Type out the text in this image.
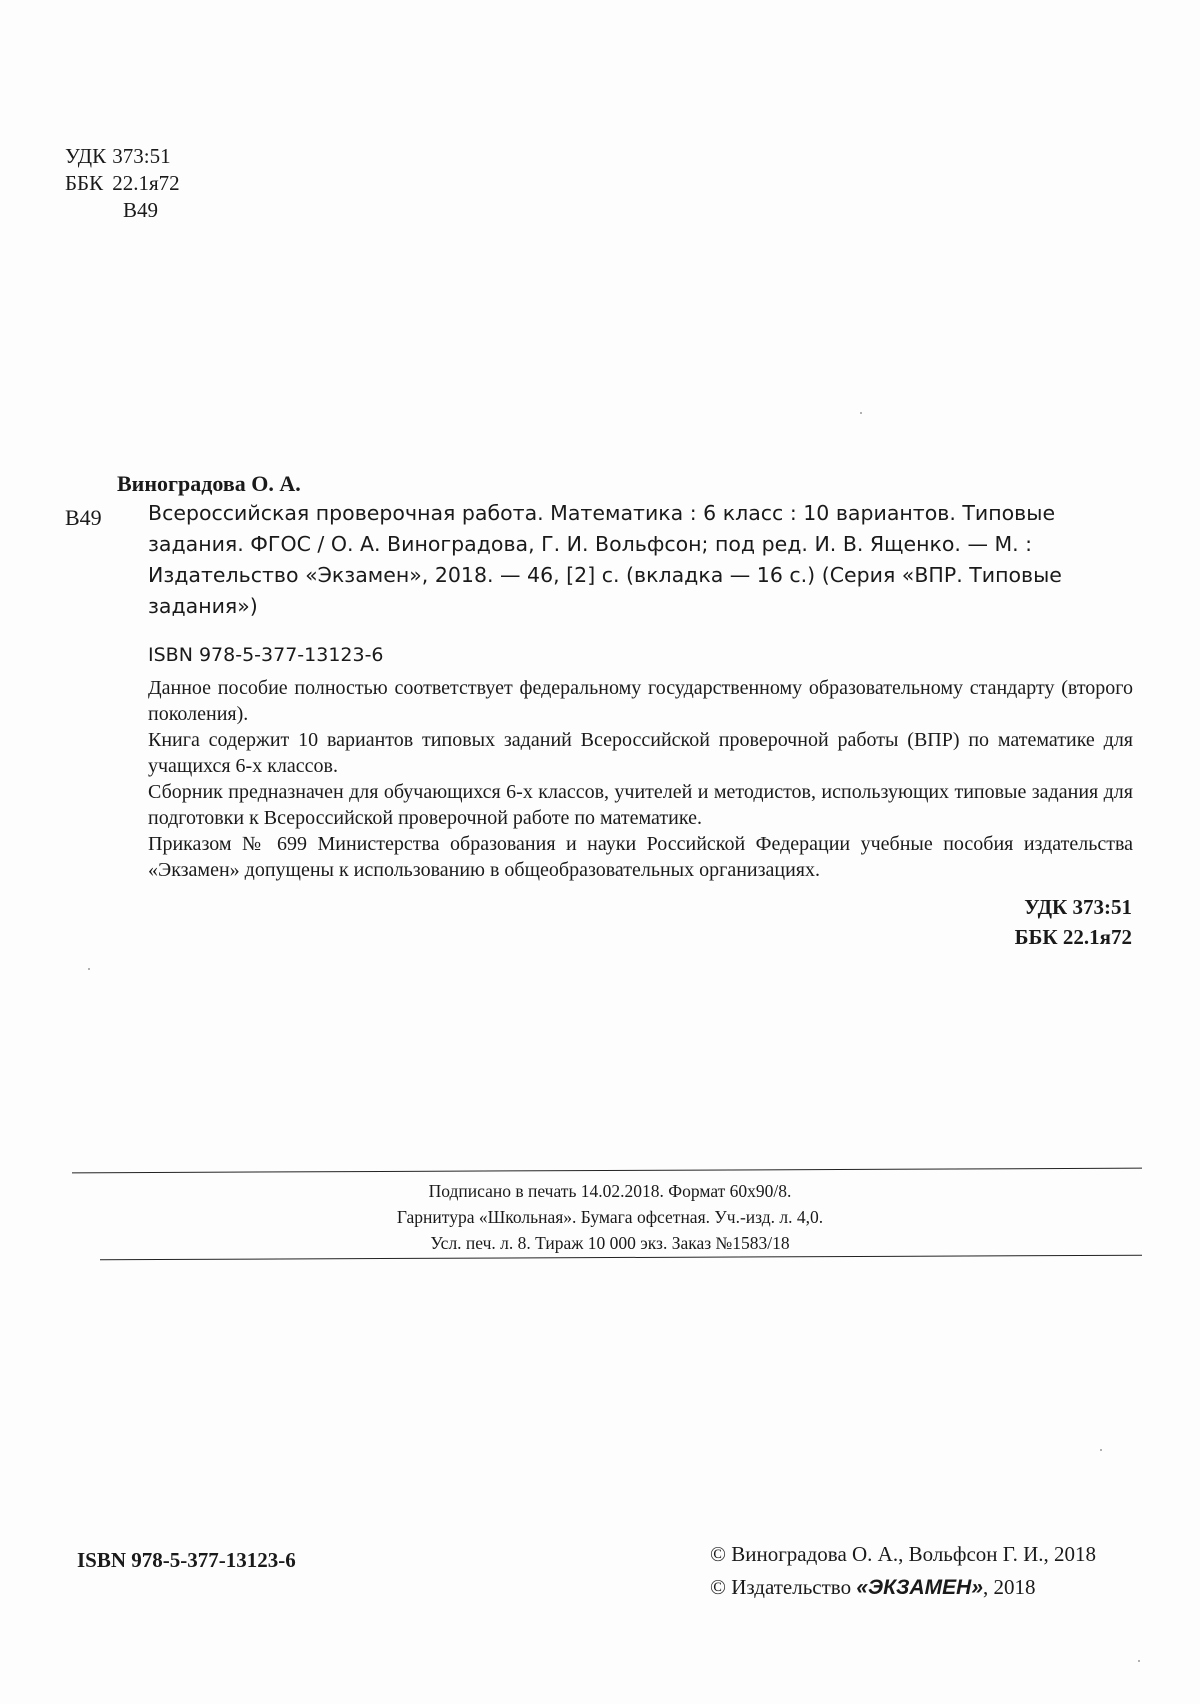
УДК 373:51
ББК 22.1я72
В49
Виноградова О. А.
В49 Всероссийская проверочная работа. Математика : 6 класс : 10 вариантов. Типовые
задания. ФГОС / О. А. Виноградова, Г. И. Вольфсон; под ред. И. В. Ященко. — М. :
Издательство «Экзамен», 2018. — 46, [2] с. (вкладка — 16 с.) (Серия «ВПР. Типовые
задания»)
ISBN 978-5-377-13123-6

Данное пособие полностью соответствует федеральному государственному образовательному стандарту (второго поколения).

Книга содержит 10 вариантов типовых заданий Всероссийской проверочной работы (ВПР) по математике для учащихся 6-х классов.

Сборник предназначен для обучающихся 6-х классов, учителей и методистов, использующих типовые задания для подготовки к Всероссийской проверочной работе по математике.

Приказом № 699 Министерства образования и науки Российской Федерации учебные пособия издательства «Экзамен» допущены к использованию в общеобразовательных организациях.

УДК 373:51
ББК 22.1я72
Подписано в печать 14.02.2018. Формат 60х90/8.
Гарнитура «Школьная». Бумага офсетная. Уч.-изд. л. 4,0.
Усл. печ. л. 8. Тираж 10 000 экз. Заказ №1583/18
ISBN 978-5-377-13123-6	© Виноградова О. А., Вольфсон Г. И., 2018
© Издательство «ЭКЗАМЕН», 2018
